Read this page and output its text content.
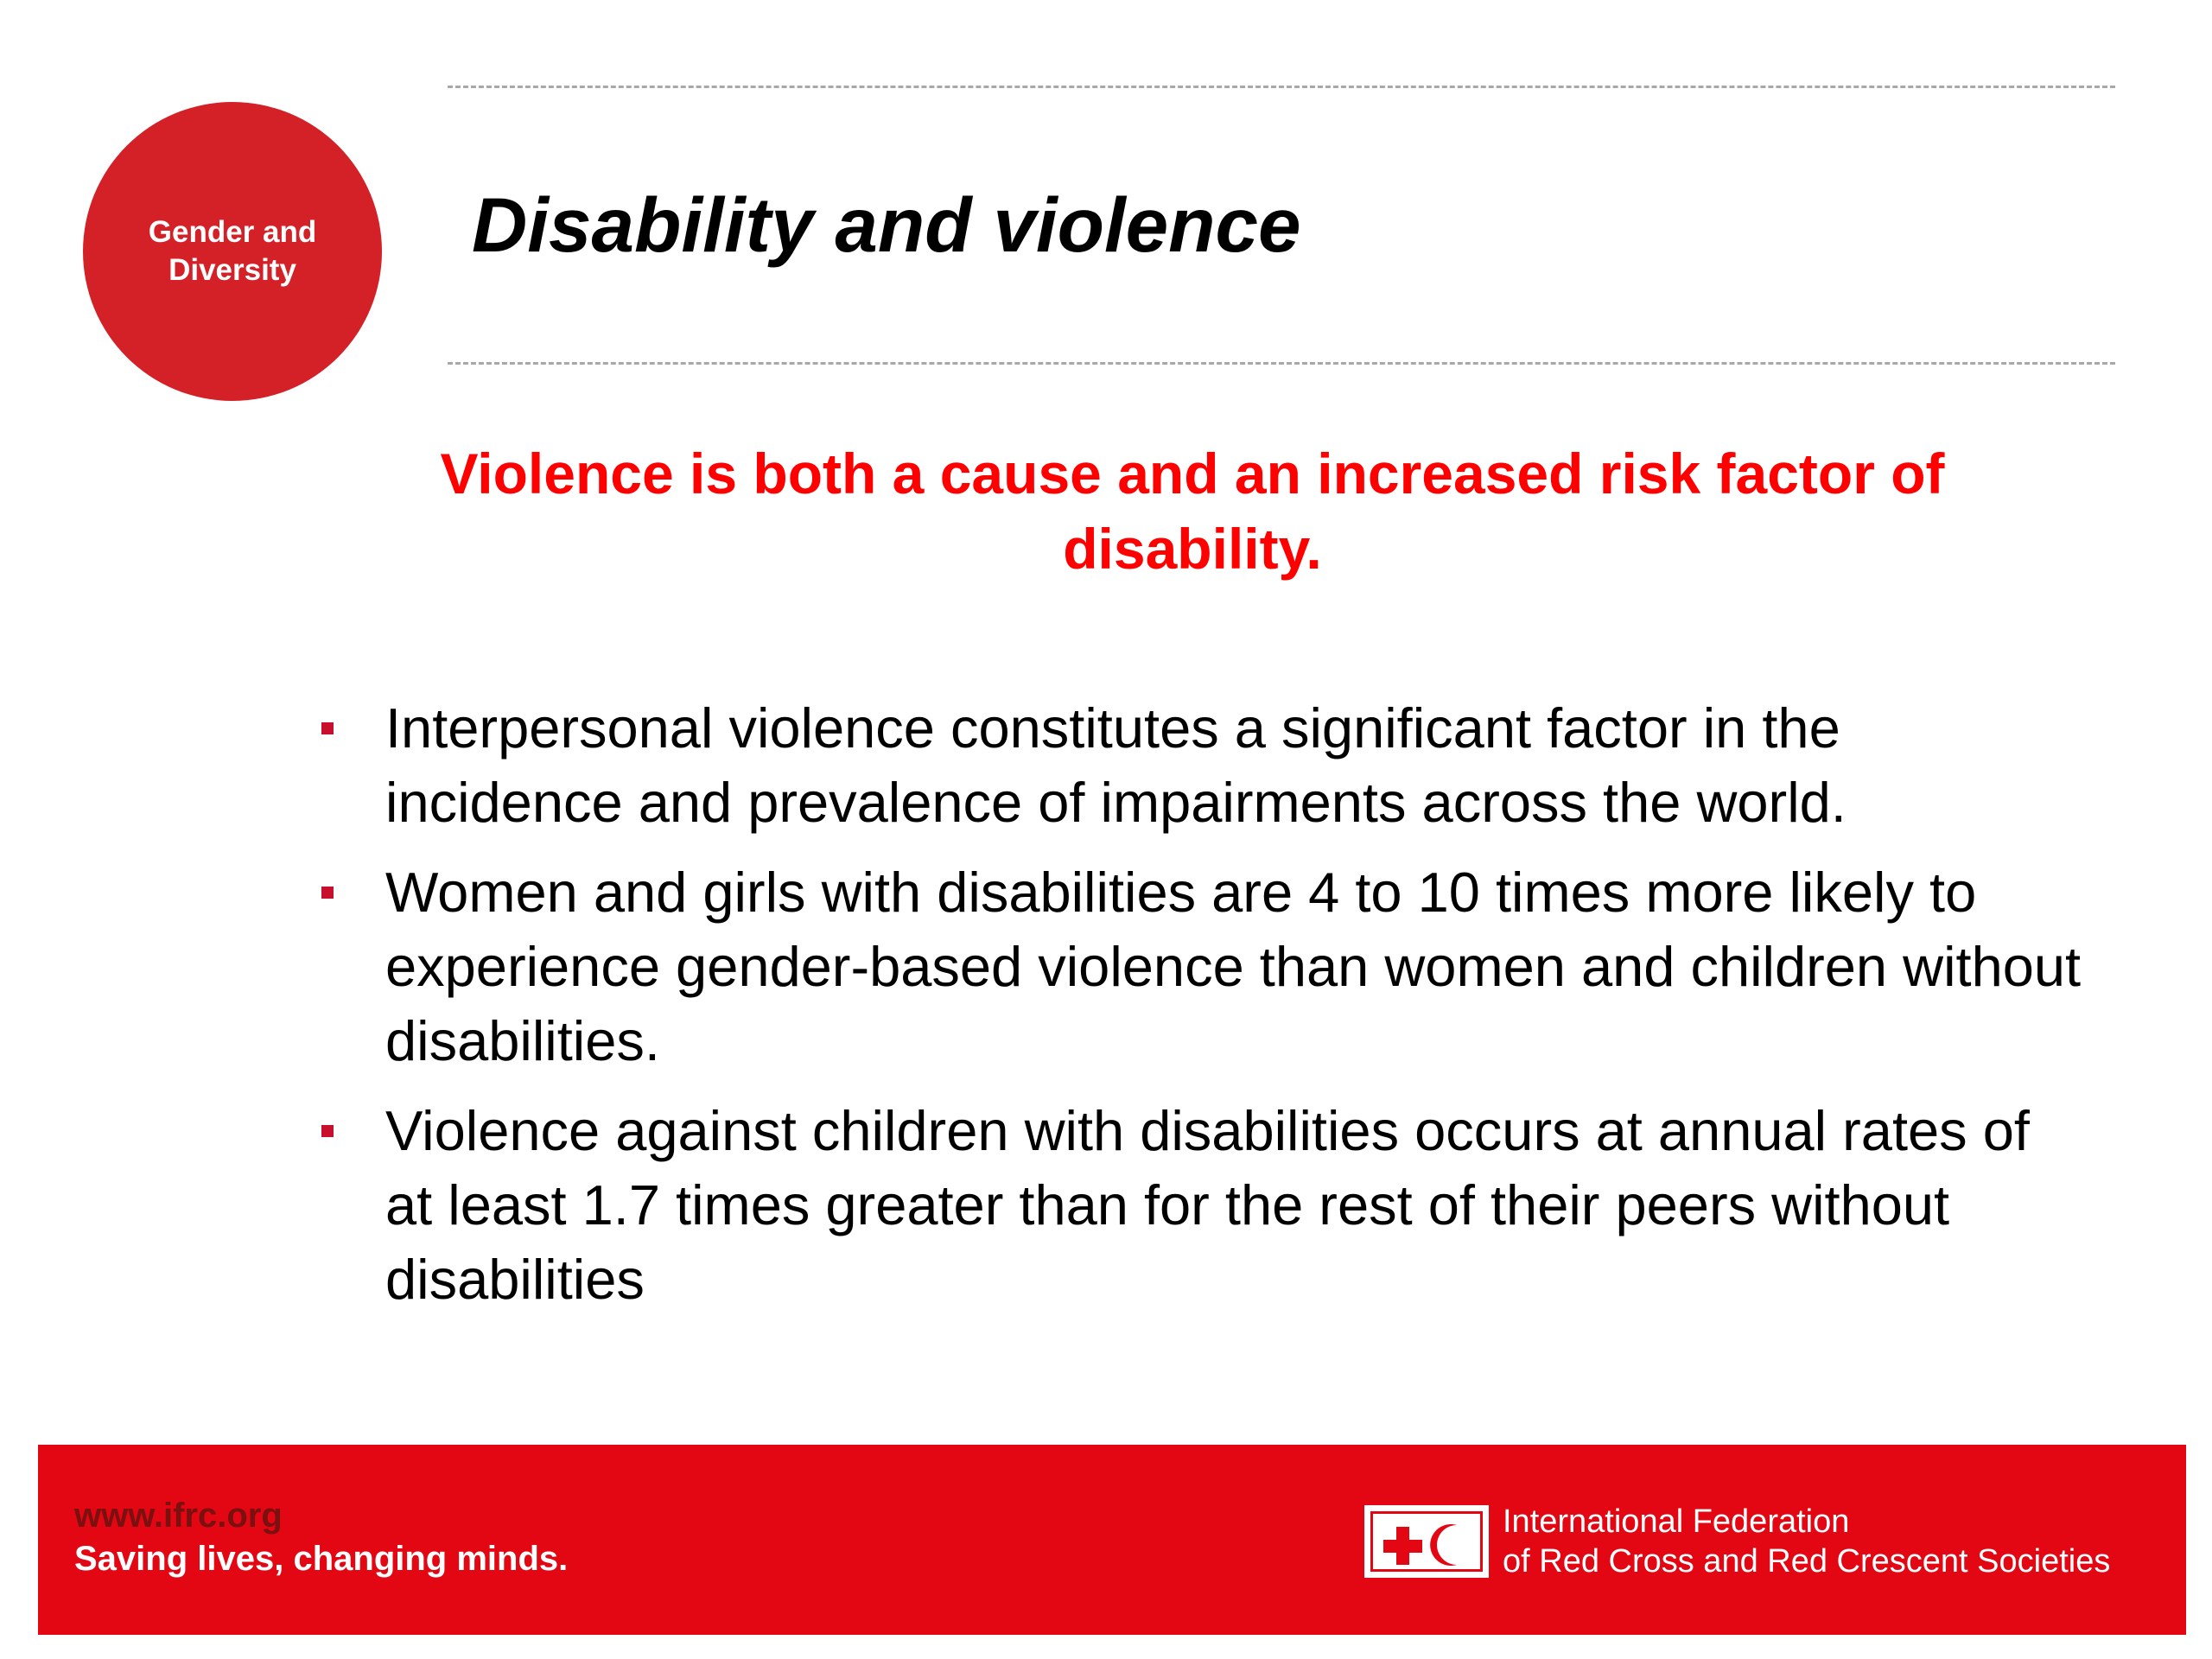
Gender and Diversity
Disability and violence
Violence is both a cause and an increased risk factor of disability.
Interpersonal violence constitutes a significant factor in the incidence and prevalence of impairments across the world.
Women and girls with disabilities are 4 to 10 times more likely to experience gender-based violence than women and children without disabilities.
Violence against children with disabilities occurs at annual rates of at least 1.7 times greater than for the rest of their peers without disabilities
www.ifrc.org
Saving lives, changing minds.
International Federation
of Red Cross and Red Crescent Societies
